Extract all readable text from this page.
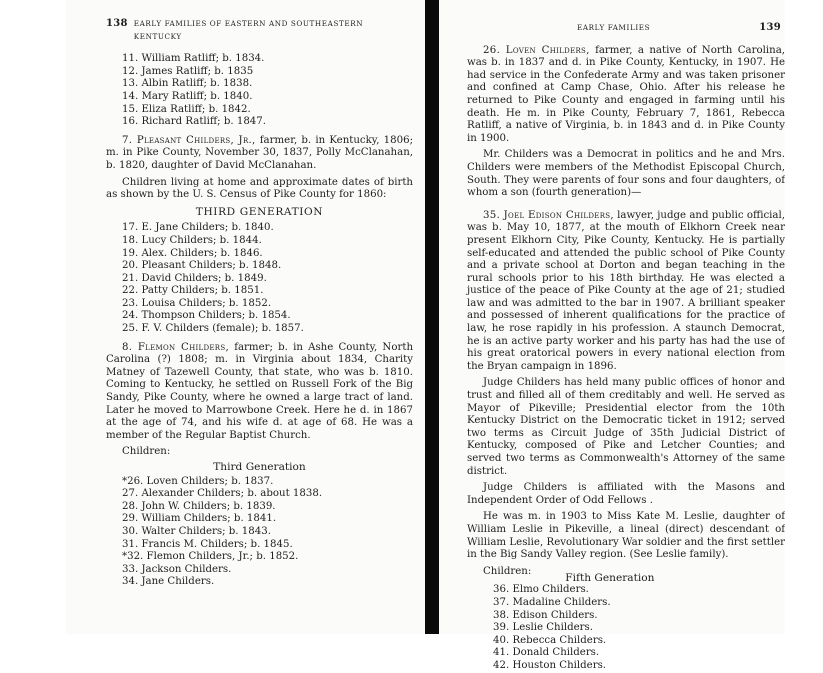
138 EARLY FAMILIES OF EASTERN AND SOUTHEASTERN KENTUCKY
11. William Ratliff; b. 1834.
12. James Ratliff; b. 1835
13. Albin Ratliff; b. 1838.
14. Mary Ratliff; b. 1840.
15. Eliza Ratliff; b. 1842.
16. Richard Ratliff; b. 1847.

7. Pleasant Childers, Jr., farmer, b. in Kentucky, 1806; m. in Pike County, November 30, 1837, Polly McClanahan, b. 1820, daughter of David McClanahan.

Children living at home and approximate dates of birth as shown by the U. S. Census of Pike County for 1860:

THIRD GENERATION
17. E. Jane Childers; b. 1840.
18. Lucy Childers; b. 1844.
19. Alex. Childers; b. 1846.
20. Pleasant Childers; b. 1848.
21. David Childers; b. 1849.
22. Patty Childers; b. 1851.
23. Louisa Childers; b. 1852.
24. Thompson Childers; b. 1854.
25. F. V. Childers (female); b. 1857.

8. Flemon Childers, farmer; b. in Ashe County, North Carolina (?) 1808; m. in Virginia about 1834, Charity Matney of Tazewell County, that state, who was b. 1810. Coming to Kentucky, he settled on Russell Fork of the Big Sandy, Pike County, where he owned a large tract of land. Later he moved to Marrowbone Creek. Here he d. in 1867 at the age of 74, and his wife d. at age of 68. He was a member of the Regular Baptist Church.

Children:
Third Generation
*26. Loven Childers; b. 1837.
27. Alexander Childers; b. about 1838.
28. John W. Childers; b. 1839.
29. William Childers; b. 1841.
30. Walter Childers; b. 1843.
31. Francis M. Childers; b. 1845.
*32. Flemon Childers, Jr.; b. 1852.
33. Jackson Childers.
34. Jane Childers.
EARLY FAMILIES	139

26. Loven Childers, farmer, a native of North Carolina, was b. in 1837 and d. in Pike County, Kentucky, in 1907. He had service in the Confederate Army and was taken prisoner and confined at Camp Chase, Ohio. After his release he returned to Pike County and engaged in farming until his death. He m. in Pike County, February 7, 1861, Rebecca Ratliff, a native of Virginia, b. in 1843 and d. in Pike County in 1900.

Mr. Childers was a Democrat in politics and he and Mrs. Childers were members of the Methodist Episcopal Church, South. They were parents of four sons and four daughters, of whom a son (fourth generation)—

35. Joel Edison Childers, lawyer, judge and public official, was b. May 10, 1877, at the mouth of Elkhorn Creek near present Elkhorn City, Pike County, Kentucky. He is partially self-educated and attended the public school of Pike County and a private school at Dorton and began teaching in the rural schools prior to his 18th birthday. He was elected a justice of the peace of Pike County at the age of 21; studied law and was admitted to the bar in 1907. A brilliant speaker and possessed of inherent qualifications for the practice of law, he rose rapidly in his profession. A staunch Democrat, he is an active party worker and his party has had the use of his great oratorical powers in every national election from the Bryan campaign in 1896.

Judge Childers has held many public offices of honor and trust and filled all of them creditably and well. He served as Mayor of Pikeville; Presidential elector from the 10th Kentucky District on the Democratic ticket in 1912; served two terms as Circuit Judge of 35th Judicial District of Kentucky, composed of Pike and Letcher Counties; and served two terms as Commonwealth's Attorney of the same district.

Judge Childers is affiliated with the Masons and Independent Order of Odd Fellows .

He was m. in 1903 to Miss Kate M. Leslie, daughter of William Leslie in Pikeville, a lineal (direct) descendant of William Leslie, Revolutionary War soldier and the first settler in the Big Sandy Valley region. (See Leslie family).

Children:
Fifth Generation
36. Elmo Childers.
37. Madaline Childers.
38. Edison Childers.
39. Leslie Childers.
40. Rebecca Childers.
41. Donald Childers.
42. Houston Childers.
